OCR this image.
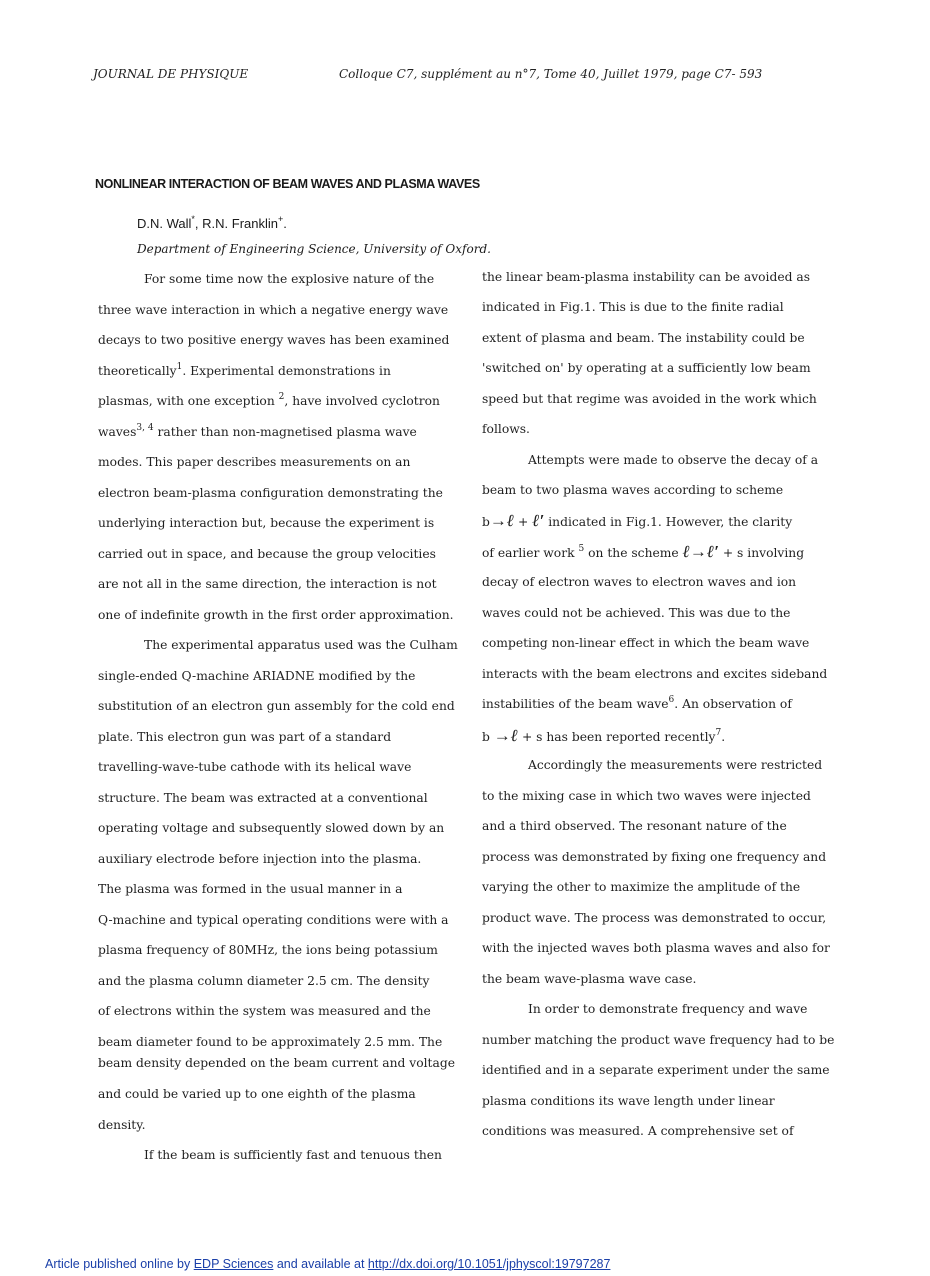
JOURNAL DE PHYSIQUE	Colloque C7, supplément au n°7, Tome 40, Juillet 1979, page C7- 593
NONLINEAR INTERACTION OF BEAM WAVES AND PLASMA WAVES
D.N. Wall*, R.N. Franklin+.
Department of Engineering Science, University of Oxford.
For some time now the explosive nature of the
three wave interaction in which a negative energy wave
decays to two positive energy waves has been examined
theoretically$^1$. Experimental demonstrations in
plasmas, with one exception $^2$, have involved cyclotron
waves$^{3, 4}$ rather than non-magnetised plasma wave
modes. This paper describes measurements on an
electron beam-plasma configuration demonstrating the
underlying interaction but, because the experiment is
carried out in space, and because the group velocities
are not all in the same direction, the interaction is not
one of indefinite growth in the first order approximation.
The experimental apparatus used was the Culham
single-ended Q-machine ARIADNE modified by the
substitution of an electron gun assembly for the cold end
plate. This electron gun was part of a standard
travelling-wave-tube cathode with its helical wave
structure. The beam was extracted at a conventional
operating voltage and subsequently slowed down by an
auxiliary electrode before injection into the plasma.
The plasma was formed in the usual manner in a
Q-machine and typical operating conditions were with a
plasma frequency of 80MHz, the ions being potassium
and the plasma column diameter 2.5 cm. The density
of electrons within the system was measured and the
beam diameter found to be approximately 2.5 mm. The
beam density depended on the beam current and voltage
and could be varied up to one eighth of the plasma
density.
If the beam is sufficiently fast and tenuous then
the linear beam-plasma instability can be avoided as
indicated in Fig.1. This is due to the finite radial
extent of plasma and beam. The instability could be
'switched on' by operating at a sufficiently low beam
speed but that regime was avoided in the work which
follows.
Attempts were made to observe the decay of a
beam to two plasma waves according to scheme
b→ℓ + ℓ′ indicated in Fig.1. However, the clarity
of earlier work $^5$ on the scheme ℓ→ℓ′ + s involving
decay of electron waves to electron waves and ion
waves could not be achieved. This was due to the
competing non-linear effect in which the beam wave
interacts with the beam electrons and excites sideband
instabilities of the beam wave$^6$. An observation of
b →ℓ + s has been reported recently$^7$.
Accordingly the measurements were restricted
to the mixing case in which two waves were injected
and a third observed. The resonant nature of the
process was demonstrated by fixing one frequency and
varying the other to maximize the amplitude of the
product wave. The process was demonstrated to occur,
with the injected waves both plasma waves and also for
the beam wave-plasma wave case.
In order to demonstrate frequency and wave
number matching the product wave frequency had to be
identified and in a separate experiment under the same
plasma conditions its wave length under linear
conditions was measured. A comprehensive set of
Article published online by EDP Sciences and available at http://dx.doi.org/10.1051/jphyscol:19797287
